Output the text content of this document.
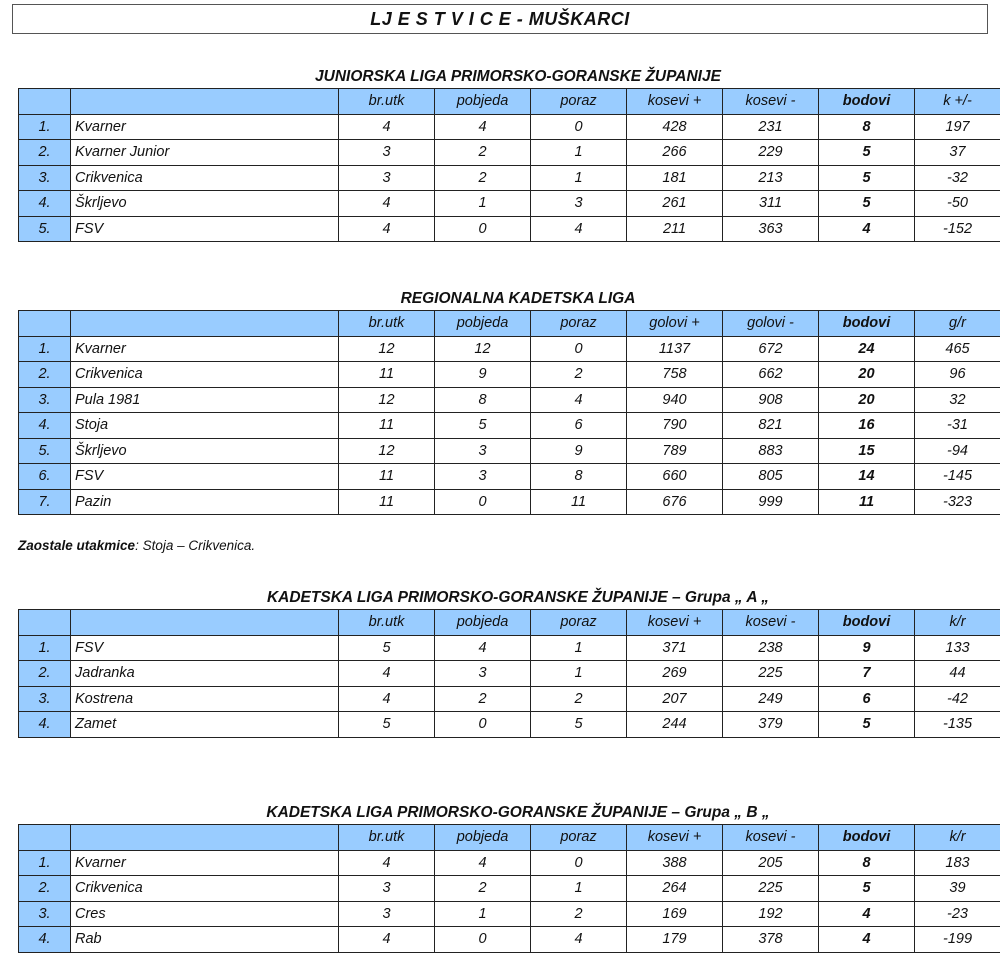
LJ E S T V I C E - MUŠKARCI
JUNIORSKA LIGA PRIMORSKO-GORANSKE ŽUPANIJE
		br.utk	pobjeda	poraz	kosevi +	kosevi -	bodovi	k +/-
1.	Kvarner	4	4	0	428	231	8	197
2.	Kvarner Junior	3	2	1	266	229	5	37
3.	Crikvenica	3	2	1	181	213	5	-32
4.	Škrljevo	4	1	3	261	311	5	-50
5.	FSV	4	0	4	211	363	4	-152
REGIONALNA KADETSKA LIGA
		br.utk	pobjeda	poraz	golovi +	golovi -	bodovi	g/r
1.	Kvarner	12	12	0	1137	672	24	465
2.	Crikvenica	11	9	2	758	662	20	96
3.	Pula 1981	12	8	4	940	908	20	32
4.	Stoja	11	5	6	790	821	16	-31
5.	Škrljevo	12	3	9	789	883	15	-94
6.	FSV	11	3	8	660	805	14	-145
7.	Pazin	11	0	11	676	999	11	-323
Zaostale utakmice: Stoja – Crikvenica.
KADETSKA LIGA PRIMORSKO-GORANSKE ŽUPANIJE – Grupa „ A „
		br.utk	pobjeda	poraz	kosevi +	kosevi -	bodovi	k/r
1.	FSV	5	4	1	371	238	9	133
2.	Jadranka	4	3	1	269	225	7	44
3.	Kostrena	4	2	2	207	249	6	-42
4.	Zamet	5	0	5	244	379	5	-135
KADETSKA LIGA PRIMORSKO-GORANSKE ŽUPANIJE – Grupa „ B „
		br.utk	pobjeda	poraz	kosevi +	kosevi -	bodovi	k/r
1.	Kvarner	4	4	0	388	205	8	183
2.	Crikvenica	3	2	1	264	225	5	39
3.	Cres	3	1	2	169	192	4	-23
4.	Rab	4	0	4	179	378	4	-199
